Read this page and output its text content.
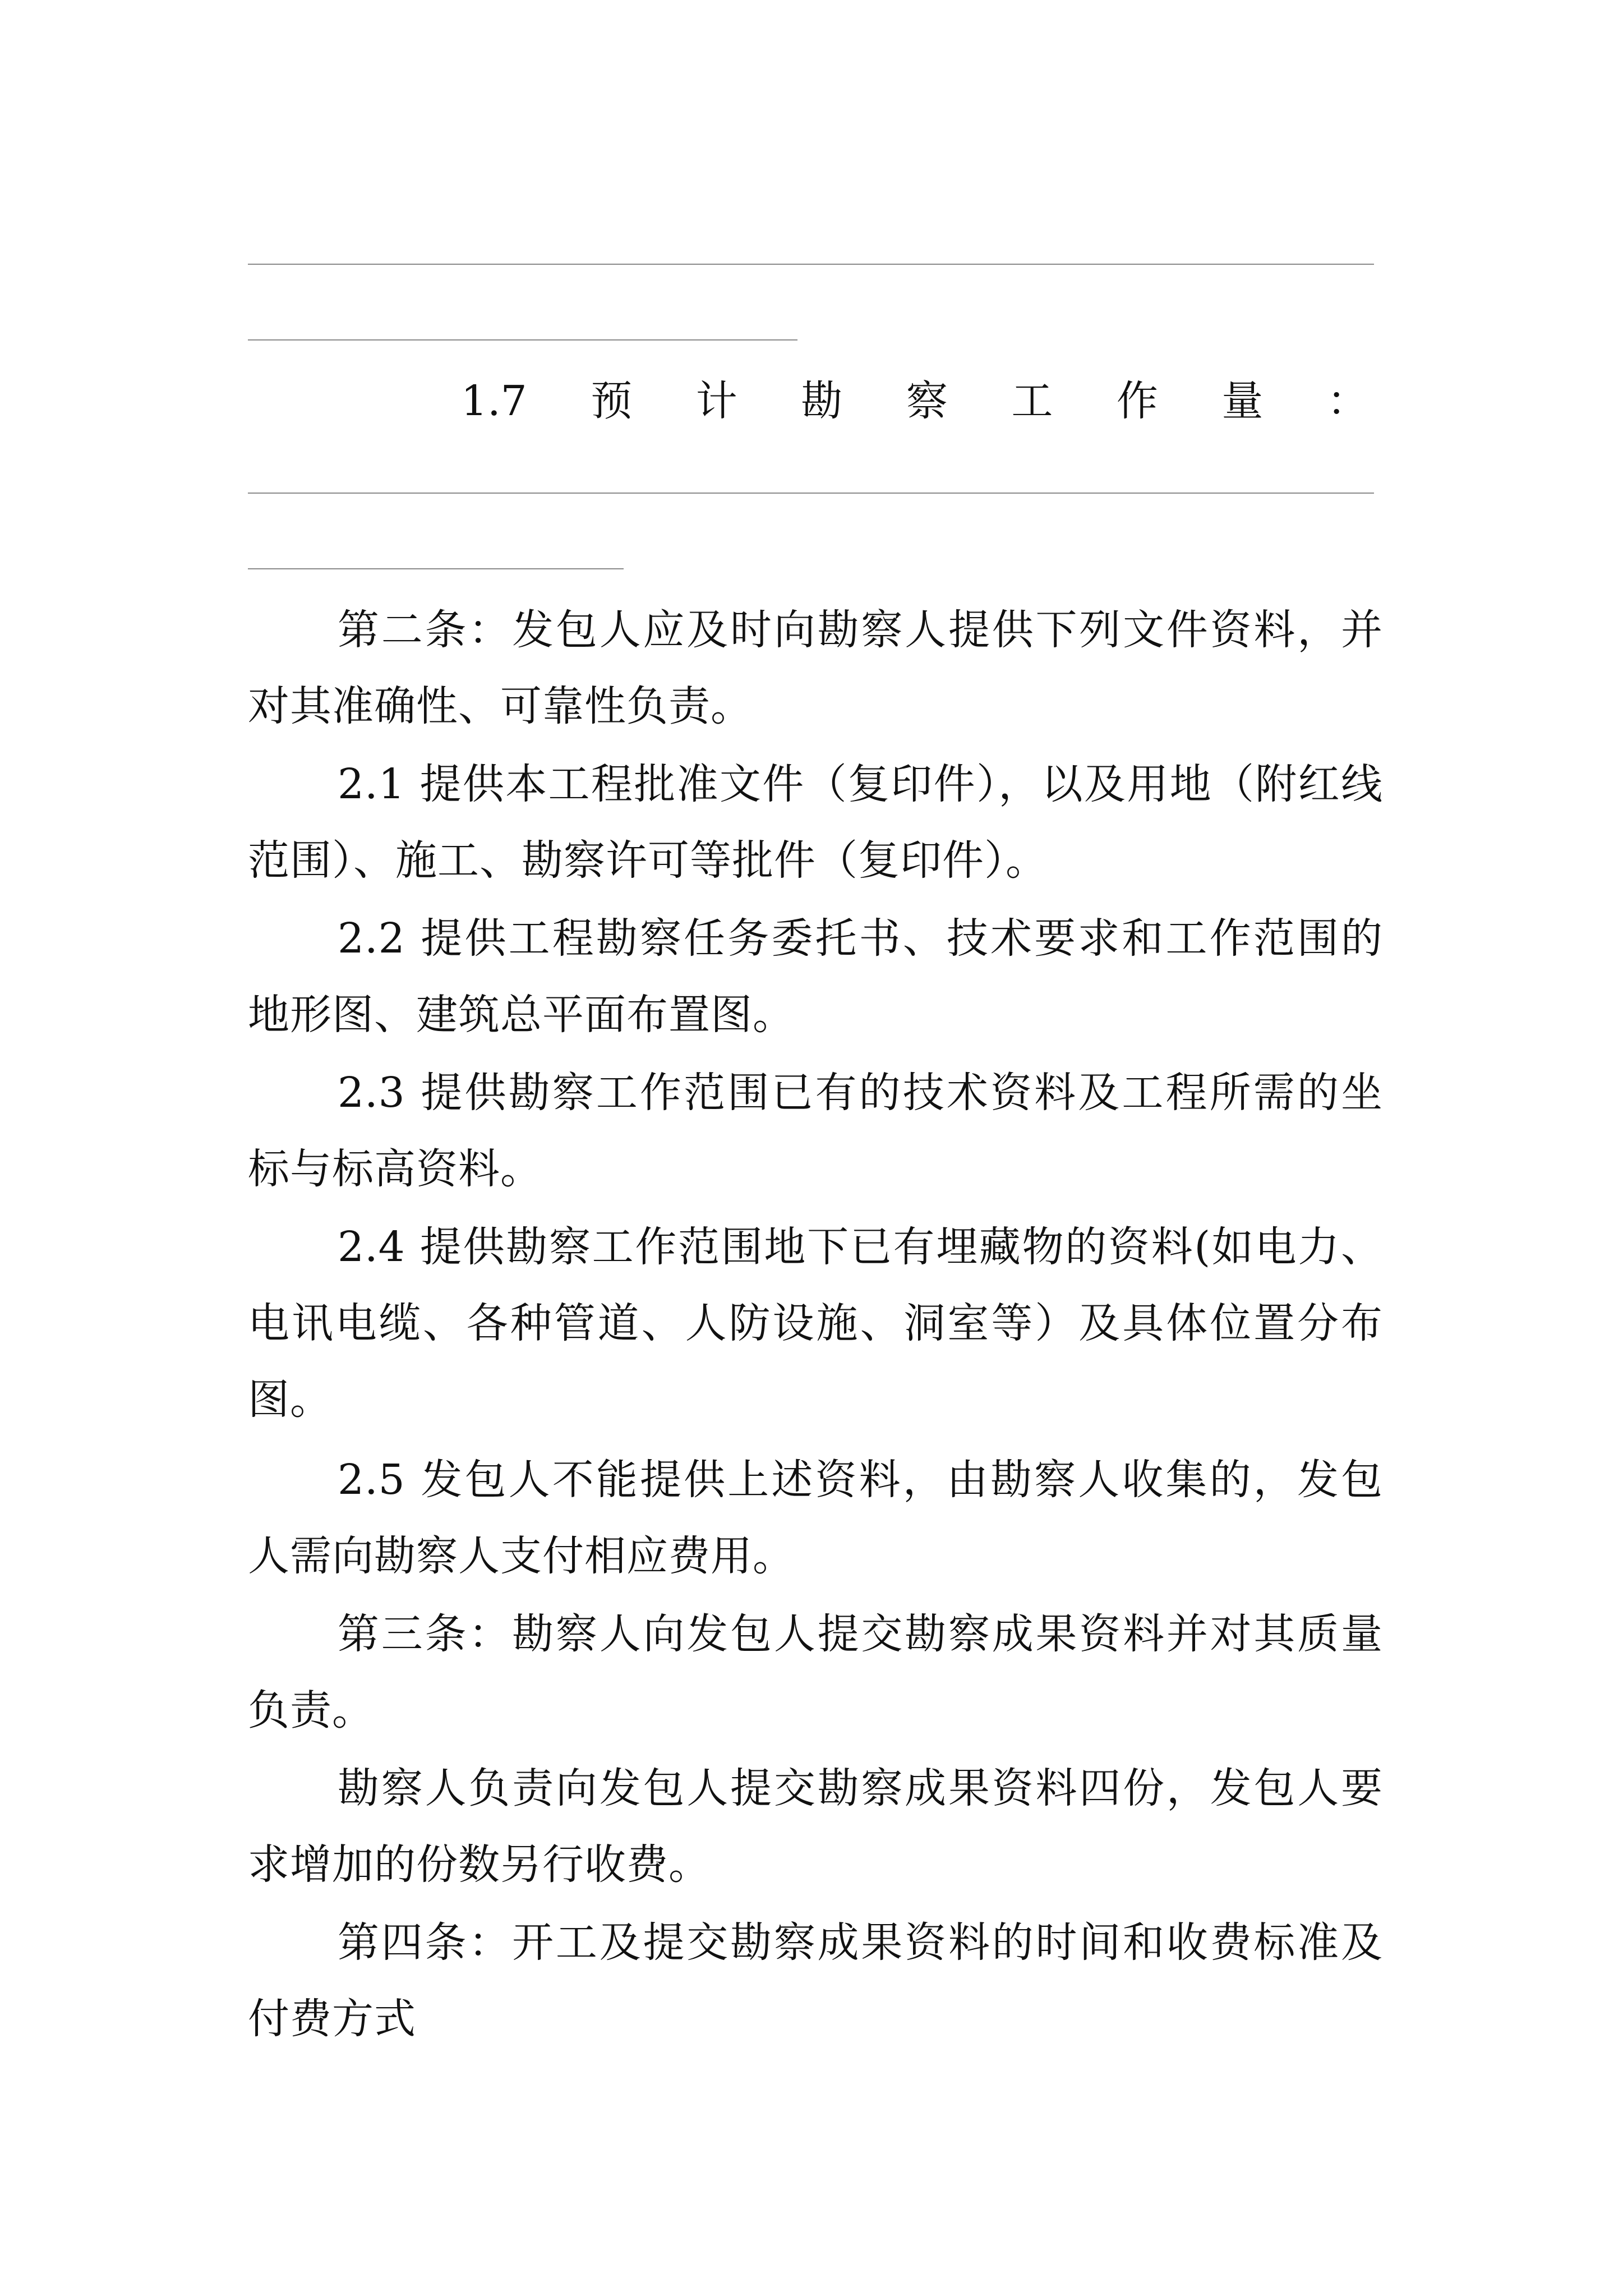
1.7 预 计 勘 察 工 作 量 ：

第二条：发包人应及时向勘察人提供下列文件资料，并对其准确性、可靠性负责。

2.1 提供本工程批准文件（复印件），以及用地（附红线范围）、施工、勘察许可等批件（复印件）。

2.2 提供工程勘察任务委托书、技术要求和工作范围的地形图、建筑总平面布置图。

2.3 提供勘察工作范围已有的技术资料及工程所需的坐标与标高资料。

2.4 提供勘察工作范围地下已有埋藏物的资料(如电力、电讯电缆、各种管道、人防设施、洞室等）及具体位置分布图。

2.5 发包人不能提供上述资料，由勘察人收集的，发包人需向勘察人支付相应费用。

第三条：勘察人向发包人提交勘察成果资料并对其质量负责。

勘察人负责向发包人提交勘察成果资料四份，发包人要求增加的份数另行收费。

第四条：开工及提交勘察成果资料的时间和收费标准及付费方式
